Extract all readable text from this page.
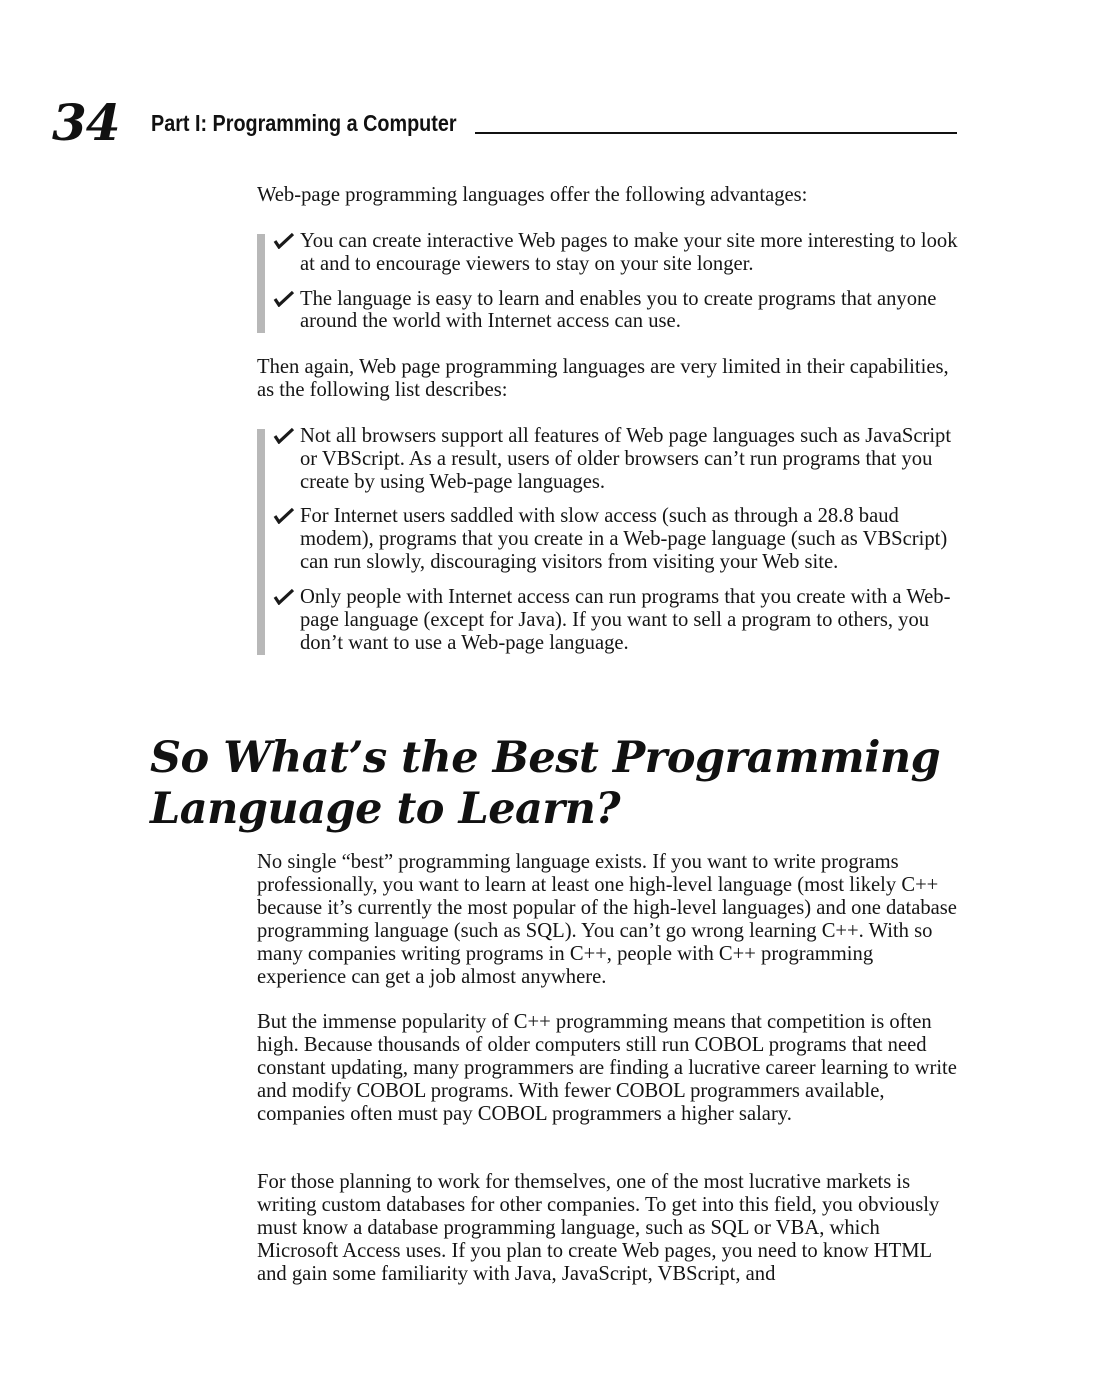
34 Part I: Programming a Computer

Web-page programming languages offer the following advantages:

You can create interactive Web pages to make your site more interesting to look at and to encourage viewers to stay on your site longer.
The language is easy to learn and enables you to create programs that anyone around the world with Internet access can use.

Then again, Web page programming languages are very limited in their capabilities, as the following list describes:

Not all browsers support all features of Web page languages such as JavaScript or VBScript. As a result, users of older browsers can’t run programs that you create by using Web-page languages.
For Internet users saddled with slow access (such as through a 28.8 baud modem), programs that you create in a Web-page language (such as VBScript) can run slowly, discouraging visitors from visiting your Web site.
Only people with Internet access can run programs that you create with a Web-page language (except for Java). If you want to sell a program to others, you don’t want to use a Web-page language.
So What’s the Best Programming Language to Learn?

No single “best” programming language exists. If you want to write programs professionally, you want to learn at least one high-level language (most likely C++ because it’s currently the most popular of the high-level languages) and one database programming language (such as SQL). You can’t go wrong learning C++. With so many companies writing programs in C++, people with C++ programming experience can get a job almost anywhere.

But the immense popularity of C++ programming means that competition is often high. Because thousands of older computers still run COBOL programs that need constant updating, many programmers are finding a lucrative career learning to write and modify COBOL programs. With fewer COBOL programmers available, companies often must pay COBOL programmers a higher salary.

For those planning to work for themselves, one of the most lucrative markets is writing custom databases for other companies. To get into this field, you obviously must know a database programming language, such as SQL or VBA, which Microsoft Access uses. If you plan to create Web pages, you need to know HTML and gain some familiarity with Java, JavaScript, VBScript, and
